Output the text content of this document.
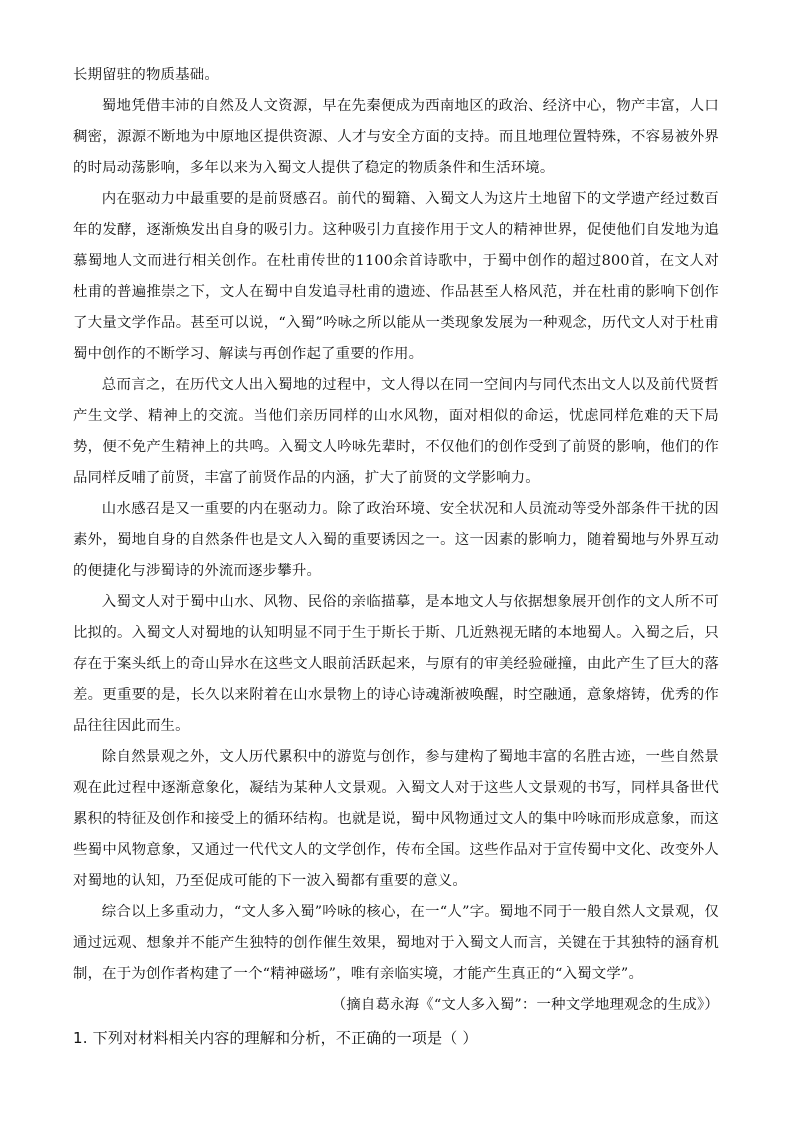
长期留驻的物质基础。

蜀地凭借丰沛的自然及人文资源，早在先秦便成为西南地区的政治、经济中心，物产丰富，人口稠密，源源不断地为中原地区提供资源、人才与安全方面的支持。而且地理位置特殊，不容易被外界的时局动荡影响，多年以来为入蜀文人提供了稳定的物质条件和生活环境。

内在驱动力中最重要的是前贤感召。前代的蜀籍、入蜀文人为这片土地留下的文学遗产经过数百年的发酵，逐渐焕发出自身的吸引力。这种吸引力直接作用于文人的精神世界，促使他们自发地为追慕蜀地人文而进行相关创作。在杜甫传世的1100余首诗歌中，于蜀中创作的超过800首，在文人对杜甫的普遍推崇之下，文人在蜀中自发追寻杜甫的遗迹、作品甚至人格风范，并在杜甫的影响下创作了大量文学作品。甚至可以说，“入蜀”吟咏之所以能从一类现象发展为一种观念，历代文人对于杜甫蜀中创作的不断学习、解读与再创作起了重要的作用。

总而言之，在历代文人出入蜀地的过程中，文人得以在同一空间内与同代杰出文人以及前代贤哲产生文学、精神上的交流。当他们亲历同样的山水风物，面对相似的命运，忧虑同样危难的天下局势，便不免产生精神上的共鸣。入蜀文人吟咏先辈时，不仅他们的创作受到了前贤的影响，他们的作品同样反哺了前贤，丰富了前贤作品的内涵，扩大了前贤的文学影响力。

山水感召是又一重要的内在驱动力。除了政治环境、安全状况和人员流动等受外部条件干扰的因素外，蜀地自身的自然条件也是文人入蜀的重要诱因之一。这一因素的影响力，随着蜀地与外界互动的便捷化与涉蜀诗的外流而逐步攀升。

入蜀文人对于蜀中山水、风物、民俗的亲临描摹，是本地文人与依据想象展开创作的文人所不可比拟的。入蜀文人对蜀地的认知明显不同于生于斯长于斯、几近熟视无睹的本地蜀人。入蜀之后，只存在于案头纸上的奇山异水在这些文人眼前活跃起来，与原有的审美经验碰撞，由此产生了巨大的落差。更重要的是，长久以来附着在山水景物上的诗心诗魂渐被唤醒，时空融通，意象熔铸，优秀的作品往往因此而生。

除自然景观之外，文人历代累积中的游览与创作，参与建构了蜀地丰富的名胜古迹，一些自然景观在此过程中逐渐意象化，凝结为某种人文景观。入蜀文人对于这些人文景观的书写，同样具备世代累积的特征及创作和接受上的循环结构。也就是说，蜀中风物通过文人的集中吟咏而形成意象，而这些蜀中风物意象，又通过一代代文人的文学创作，传布全国。这些作品对于宣传蜀中文化、改变外人对蜀地的认知，乃至促成可能的下一波入蜀都有重要的意义。

综合以上多重动力，“文人多入蜀”吟咏的核心，在一“人”字。蜀地不同于一般自然人文景观，仅通过远观、想象并不能产生独特的创作催生效果，蜀地对于入蜀文人而言，关键在于其独特的涵育机制，在于为创作者构建了一个“精神磁场”，唯有亲临实境，才能产生真正的“入蜀文学”。

（摘自葛永海《“文人多入蜀”：一种文学地理观念的生成》）

1. 下列对材料相关内容的理解和分析，不正确的一项是（ ）
